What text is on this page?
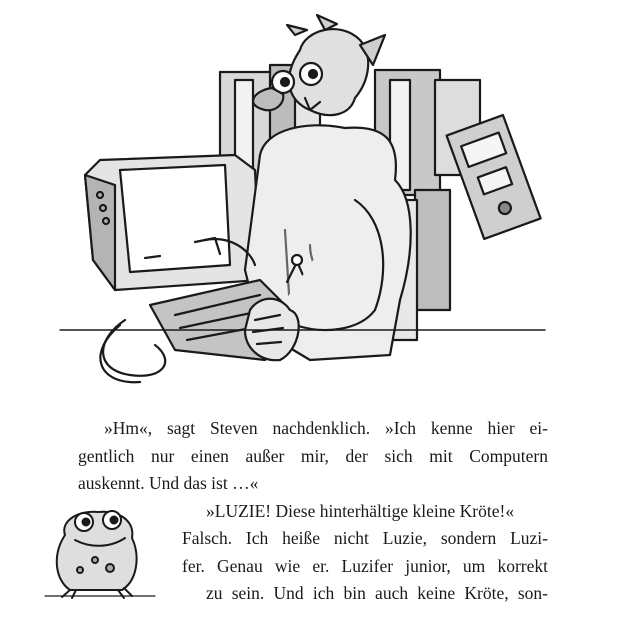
»Hm«, sagt Steven nachdenklich. »Ich kenne hier ei-
gentlich nur einen außer mir, der sich mit Computern
auskennt. Und das ist …«
»LUZIE! Diese hinterhältige kleine Kröte!«
Falsch. Ich heiße nicht Luzie, sondern Luzi-
fer. Genau wie er. Luzifer junior, um korrekt
zu sein. Und ich bin auch keine Kröte, son-
